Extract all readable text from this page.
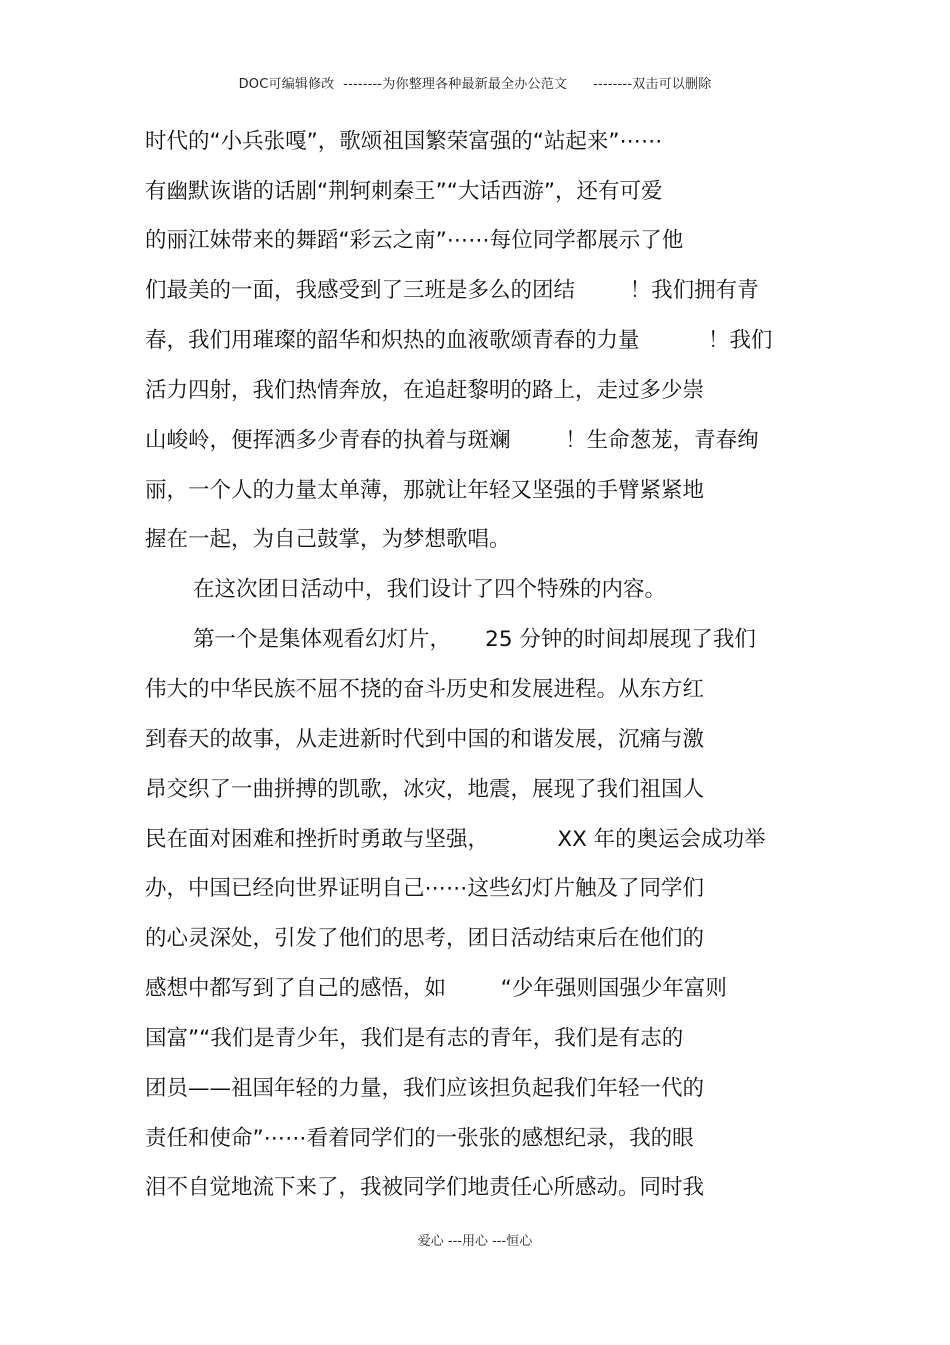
DOC可编辑修改  --------为你整理各种最新最全办公范文      --------双击可以删除
时代的“小兵张嘎”，歌颂祖国繁荣富强的“站起来”⋯⋯
有幽默诙谐的话剧“荆轲刺秦王”“大话西游”，还有可爱
的丽江妹带来的舞蹈“彩云之南”⋯⋯每位同学都展示了他
们最美的一面，我感受到了三班是多么的团结        ！我们拥有青
春，我们用璀璨的韶华和炽热的血液歌颂青春的力量          ！我们
活力四射，我们热情奔放，在追赶黎明的路上，走过多少崇
山峻岭，便挥洒多少青春的执着与斑斓        ！生命葱茏，青春绚
丽，一个人的力量太单薄，那就让年轻又坚强的手臂紧紧地
握在一起，为自己鼓掌，为梦想歌唱。
在这次团日活动中，我们设计了四个特殊的内容。
第一个是集体观看幻灯片，     25 分钟的时间却展现了我们
伟大的中华民族不屈不挠的奋斗历史和发展进程。从东方红
到春天的故事，从走进新时代到中国的和谐发展，沉痛与激
昂交织了一曲拼搏的凯歌，冰灾，地震，展现了我们祖国人
民在面对困难和挫折时勇敢与坚强，          XX 年的奥运会成功举
办，中国已经向世界证明自己⋯⋯这些幻灯片触及了同学们
的心灵深处，引发了他们的思考，团日活动结束后在他们的
感想中都写到了自己的感悟，如        “少年强则国强少年富则
国富”“我们是青少年，我们是有志的青年，我们是有志的
团员——祖国年轻的力量，我们应该担负起我们年轻一代的
责任和使命”⋯⋯看着同学们的一张张的感想纪录，我的眼
泪不自觉地流下来了，我被同学们地责任心所感动。同时我
爱心 ---用心 ---恒心
